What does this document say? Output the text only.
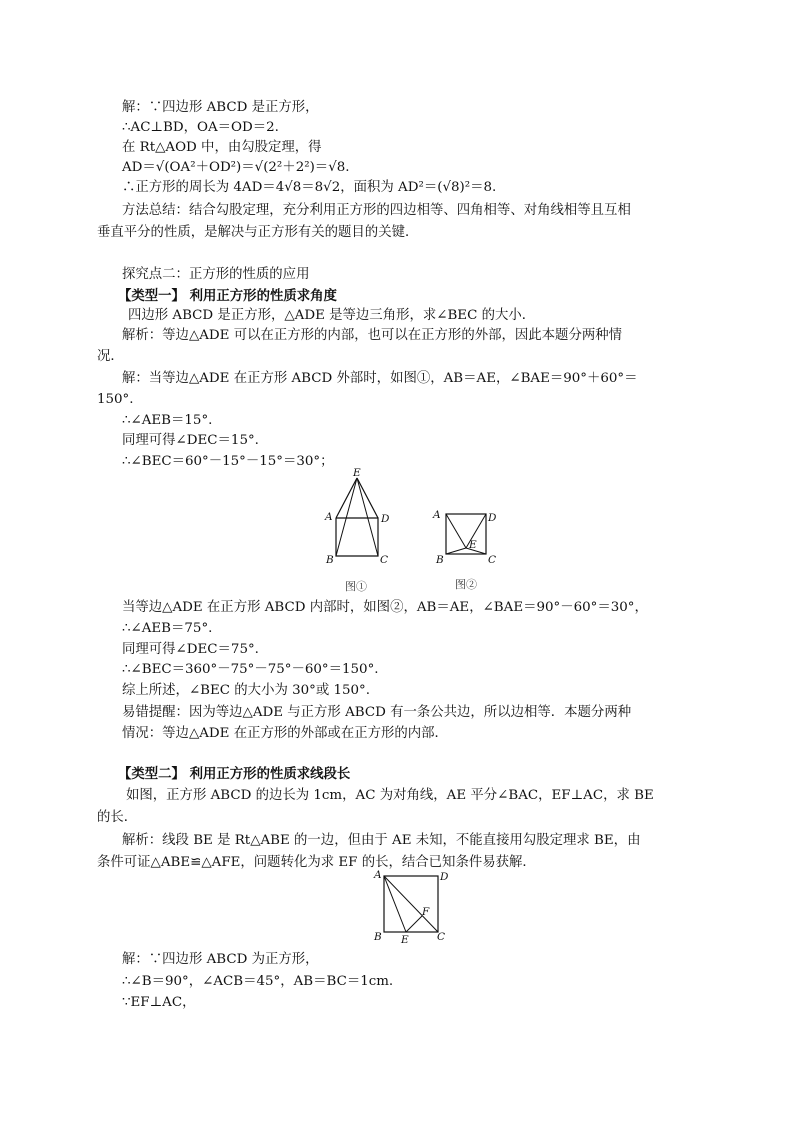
解：∵四边形 ABCD 是正方形，
∴AC⊥BD，OA＝OD＝2.
在 Rt△AOD 中，由勾股定理，得
AD＝√(OA²＋OD²)＝√(2²＋2²)＝√8.
∴正方形的周长为 4AD＝4√8＝8√2，面积为 AD²＝(√8)²＝8.
方法总结：结合勾股定理，充分利用正方形的四边相等、四角相等、对角线相等且互相
垂直平分的性质，是解决与正方形有关的题目的关键．
探究点二：正方形的性质的应用
【类型一】 利用正方形的性质求角度
四边形 ABCD 是正方形，△ADE 是等边三角形，求∠BEC 的大小．
解析：等边△ADE 可以在正方形的内部，也可以在正方形的外部，因此本题分两种情
况．
解：当等边△ADE 在正方形 ABCD 外部时，如图①，AB＝AE，∠BAE＝90°＋60°＝
150°.
∴∠AEB＝15°.
同理可得∠DEC＝15°.
∴∠BEC＝60°－15°－15°＝30°；
E
A	D
B	C
图①
A	D
E
B	C
图②
当等边△ADE 在正方形 ABCD 内部时，如图②，AB＝AE，∠BAE＝90°－60°＝30°，
∴∠AEB＝75°.
同理可得∠DEC＝75°.
∴∠BEC＝360°－75°－75°－60°＝150°.
综上所述，∠BEC 的大小为 30°或 150°.
易错提醒：因为等边△ADE 与正方形 ABCD 有一条公共边，所以边相等．本题分两种
情况：等边△ADE 在正方形的外部或在正方形的内部．
【类型二】 利用正方形的性质求线段长
如图，正方形 ABCD 的边长为 1cm，AC 为对角线，AE 平分∠BAC，EF⊥AC，求 BE
的长．
解析：线段 BE 是 Rt△ABE 的一边，但由于 AE 未知，不能直接用勾股定理求 BE，由
条件可证△ABE≌△AFE，问题转化为求 EF 的长，结合已知条件易获解．
A	D
F
B E	C
解：∵四边形 ABCD 为正方形，
∴∠B＝90°，∠ACB＝45°，AB＝BC＝1cm.
∵EF⊥AC，
